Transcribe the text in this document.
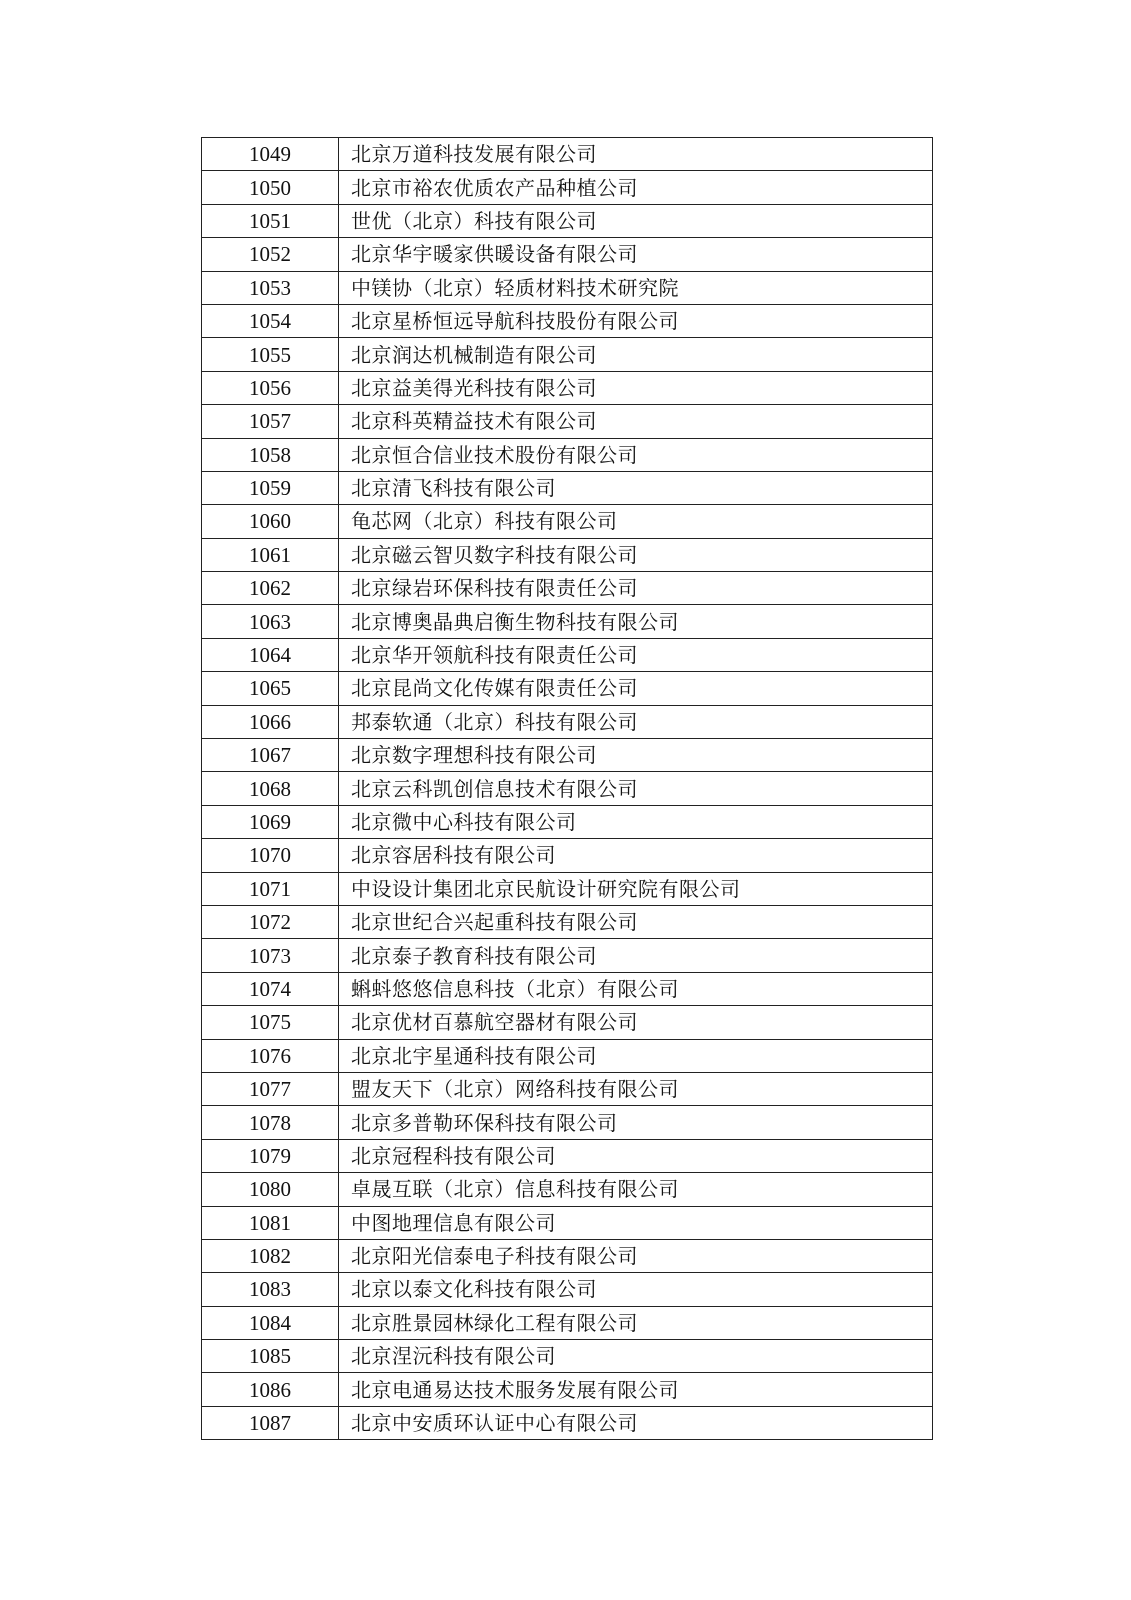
1049	北京万道科技发展有限公司
1050	北京市裕农优质农产品种植公司
1051	世优（北京）科技有限公司
1052	北京华宇暖家供暖设备有限公司
1053	中镁协（北京）轻质材料技术研究院
1054	北京星桥恒远导航科技股份有限公司
1055	北京润达机械制造有限公司
1056	北京益美得光科技有限公司
1057	北京科英精益技术有限公司
1058	北京恒合信业技术股份有限公司
1059	北京清飞科技有限公司
1060	龟芯网（北京）科技有限公司
1061	北京磁云智贝数字科技有限公司
1062	北京绿岩环保科技有限责任公司
1063	北京博奥晶典启衡生物科技有限公司
1064	北京华开领航科技有限责任公司
1065	北京昆尚文化传媒有限责任公司
1066	邦泰软通（北京）科技有限公司
1067	北京数字理想科技有限公司
1068	北京云科凯创信息技术有限公司
1069	北京微中心科技有限公司
1070	北京容居科技有限公司
1071	中设设计集团北京民航设计研究院有限公司
1072	北京世纪合兴起重科技有限公司
1073	北京泰子教育科技有限公司
1074	蝌蚪悠悠信息科技（北京）有限公司
1075	北京优材百慕航空器材有限公司
1076	北京北宇星通科技有限公司
1077	盟友天下（北京）网络科技有限公司
1078	北京多普勒环保科技有限公司
1079	北京冠程科技有限公司
1080	卓晟互联（北京）信息科技有限公司
1081	中图地理信息有限公司
1082	北京阳光信泰电子科技有限公司
1083	北京以泰文化科技有限公司
1084	北京胜景园林绿化工程有限公司
1085	北京涅沅科技有限公司
1086	北京电通易达技术服务发展有限公司
1087	北京中安质环认证中心有限公司
